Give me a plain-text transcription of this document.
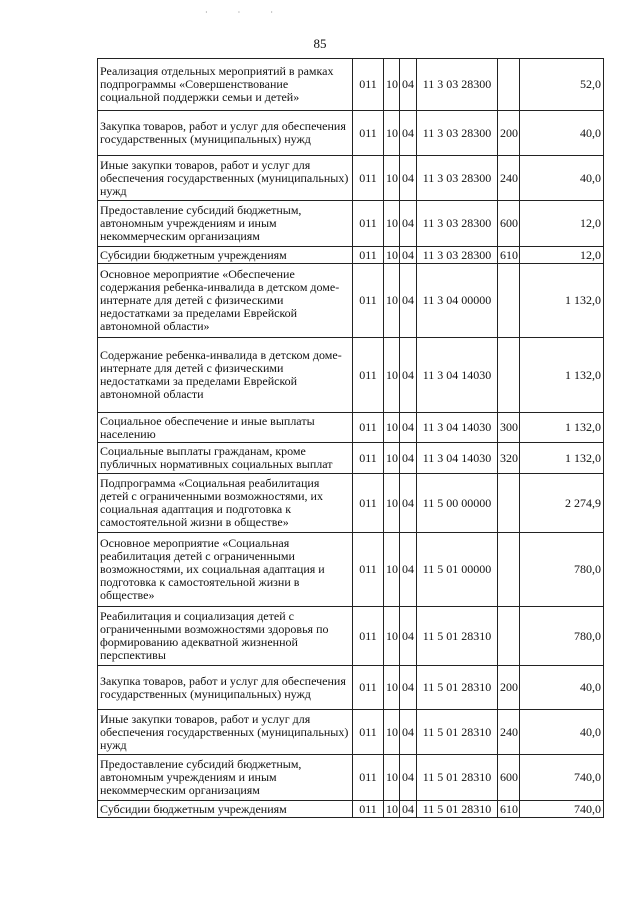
· · ·
85
Реализация отдельных мероприятий в рамках подпрограммы «Совершенствование социальной поддержки семьи и детей»	011	10	04	11 3 03 28300		52,0
Закупка товаров, работ и услуг для обеспечения государственных (муниципальных) нужд	011	10	04	11 3 03 28300	200	40,0
Иные закупки товаров, работ и услуг для обеспечения государственных (муниципальных) нужд	011	10	04	11 3 03 28300	240	40,0
Предоставление субсидий бюджетным, автономным учреждениям и иным некоммерческим организациям	011	10	04	11 3 03 28300	600	12,0
Субсидии бюджетным учреждениям	011	10	04	11 3 03 28300	610	12,0
Основное мероприятие «Обеспечение содержания ребенка-инвалида в детском доме-интернате для детей с физическими недостатками за пределами Еврейской автономной области»	011	10	04	11 3 04 00000		1 132,0
Содержание ребенка-инвалида в детском доме-интернате для детей с физическими недостатками за пределами Еврейской автономной области	011	10	04	11 3 04 14030		1 132,0
Социальное обеспечение и иные выплаты населению	011	10	04	11 3 04 14030	300	1 132,0
Социальные выплаты гражданам, кроме публичных нормативных социальных выплат	011	10	04	11 3 04 14030	320	1 132,0
Подпрограмма «Социальная реабилитация детей с ограниченными возможностями, их социальная адаптация и подготовка к самостоятельной жизни в обществе»	011	10	04	11 5 00 00000		2 274,9
Основное мероприятие «Социальная реабилитация детей с ограниченными возможностями, их социальная адаптация и подготовка к самостоятельной жизни в обществе»	011	10	04	11 5 01 00000		780,0
Реабилитация и социализация детей с ограниченными возможностями здоровья по формированию адекватной жизненной перспективы	011	10	04	11 5 01 28310		780,0
Закупка товаров, работ и услуг для обеспечения государственных (муниципальных) нужд	011	10	04	11 5 01 28310	200	40,0
Иные закупки товаров, работ и услуг для обеспечения государственных (муниципальных) нужд	011	10	04	11 5 01 28310	240	40,0
Предоставление субсидий бюджетным, автономным учреждениям и иным некоммерческим организациям	011	10	04	11 5 01 28310	600	740,0
Субсидии бюджетным учреждениям	011	10	04	11 5 01 28310	610	740,0
